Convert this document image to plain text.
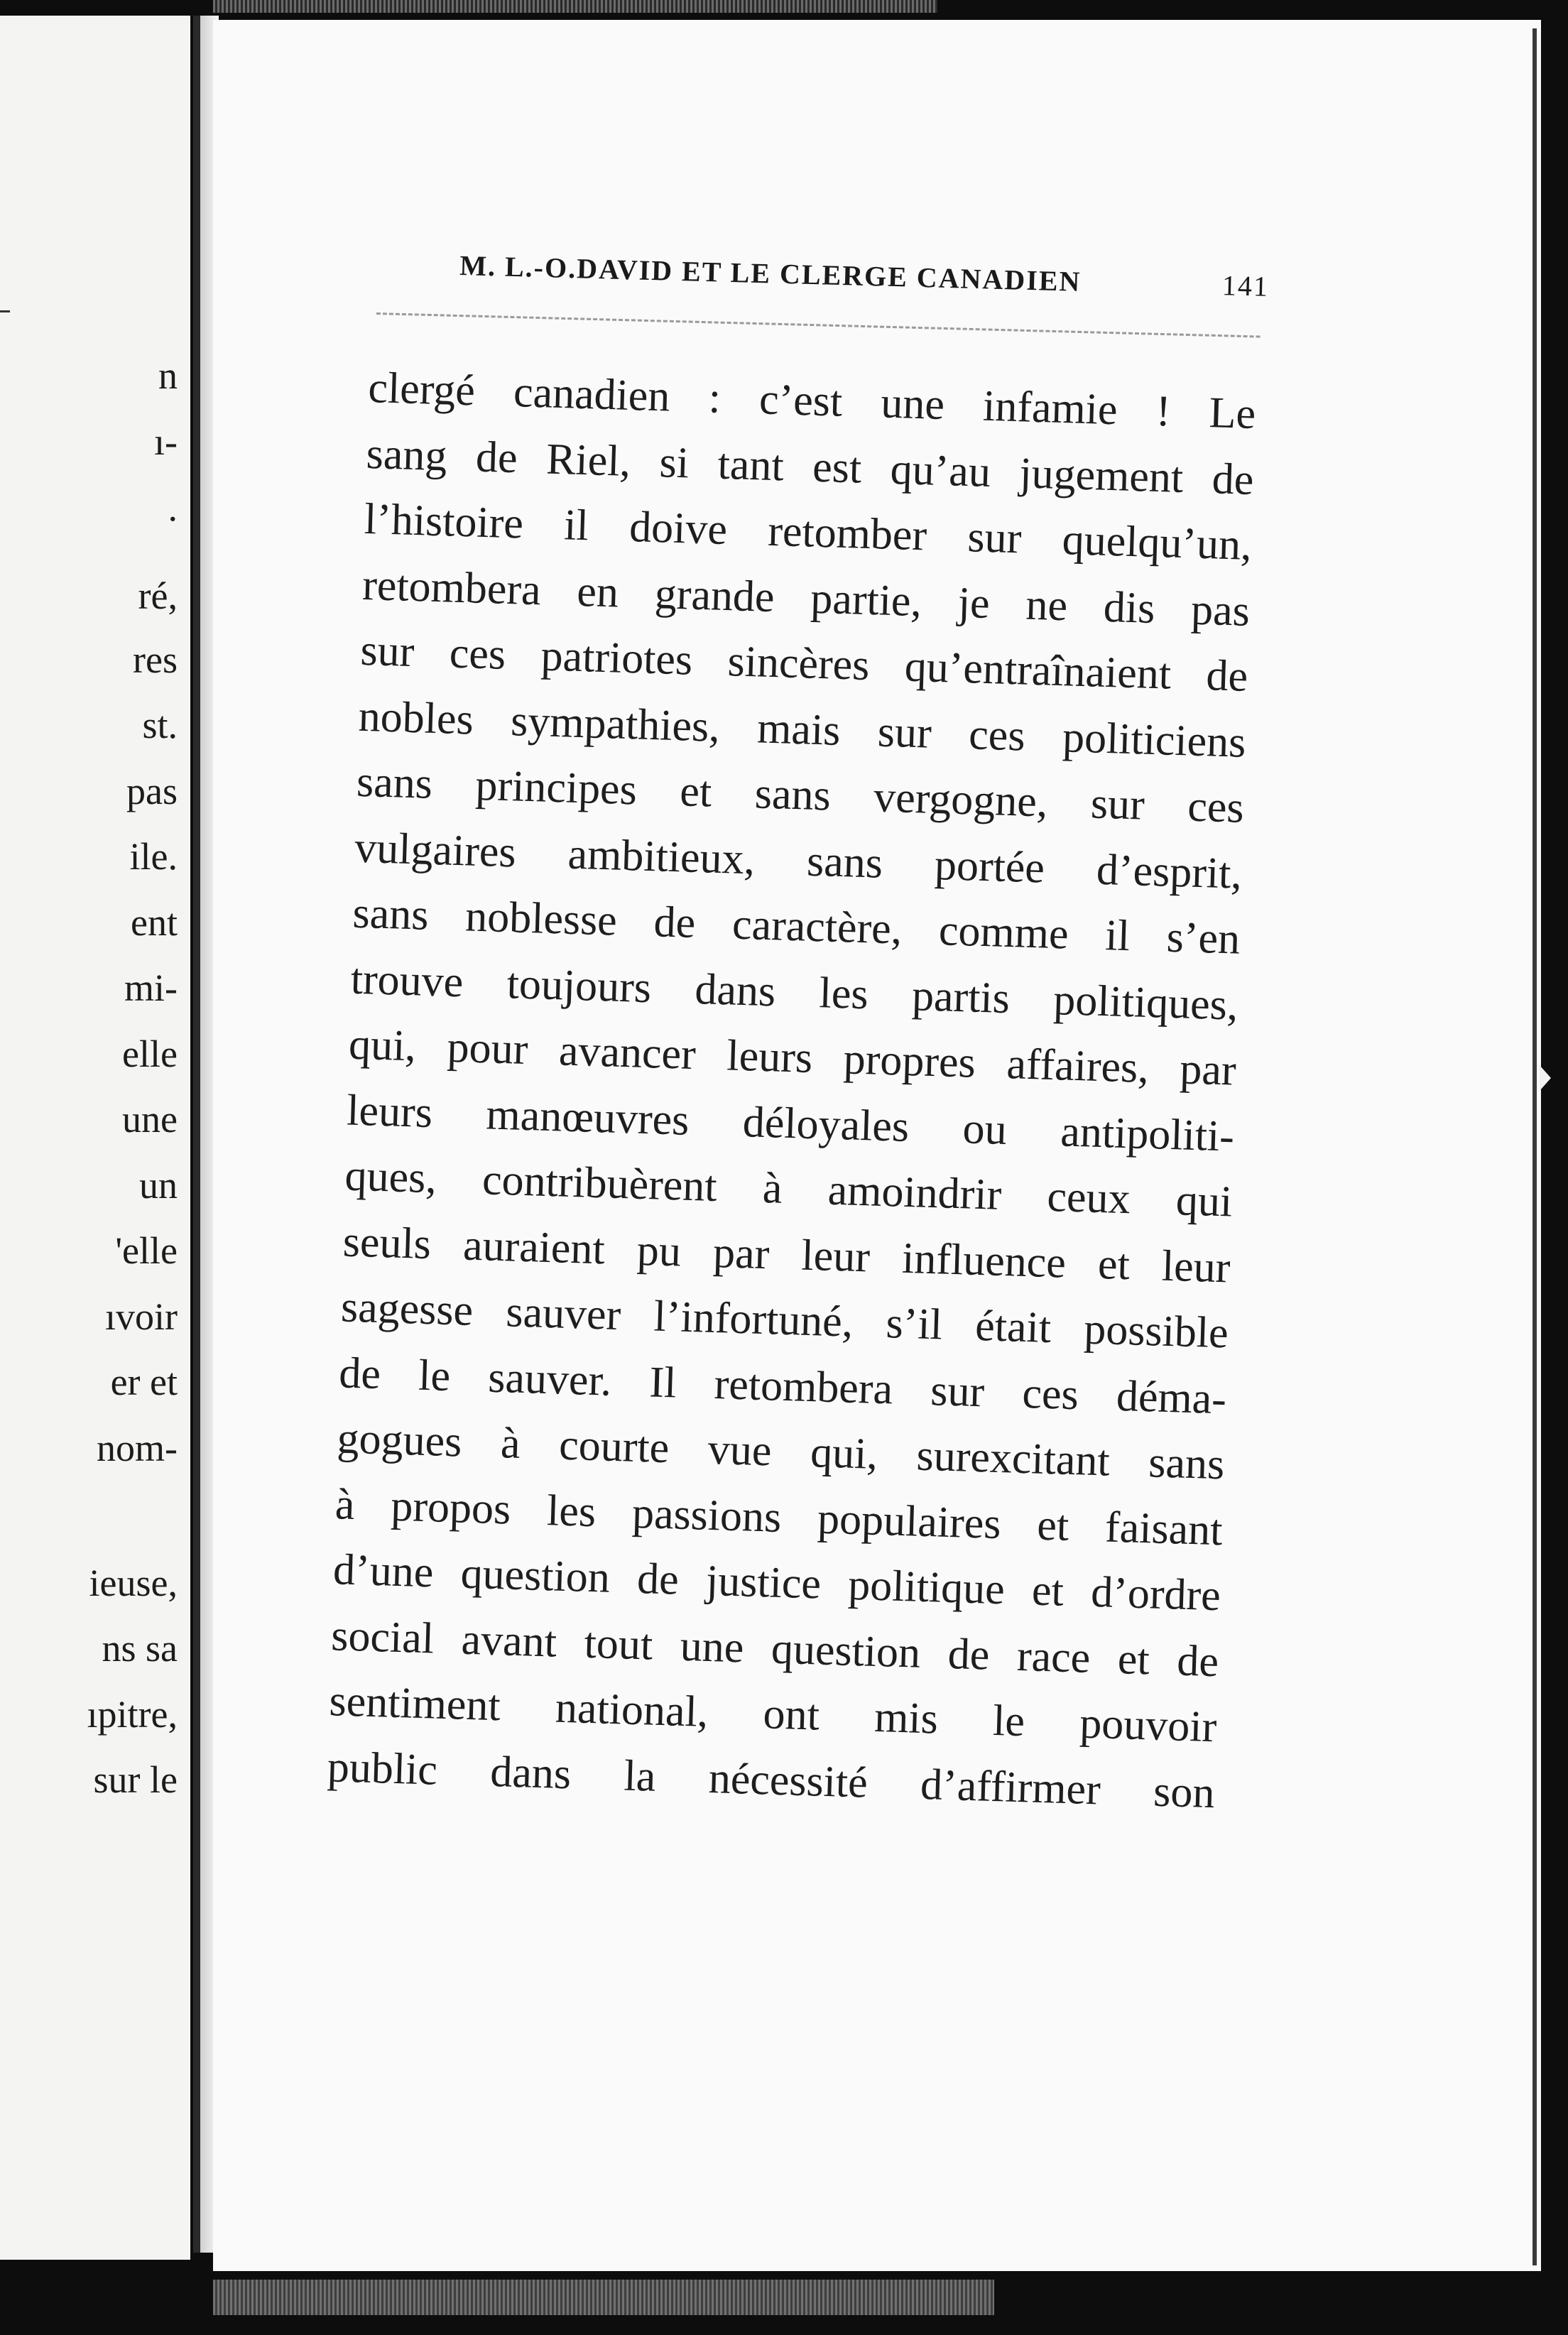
n
ı-
.
ré,
res
st.
pas
ile.
ent
mi-
elle
une
un
'elle
ıvoir
er et
nom-
ieuse,
ns sa
ıpitre,
sur le
M. L.-O.DAVID ET LE CLERGE CANADIEN	141
clergé canadien : c’est une infamie ! Le
sang de Riel, si tant est qu’au jugement de
l’histoire il doive retomber sur quelqu’un,
retombera en grande partie, je ne dis pas
sur ces patriotes sincères qu’entraînaient de
nobles sympathies, mais sur ces politiciens
sans principes et sans vergogne, sur ces
vulgaires ambitieux, sans portée d’esprit,
sans noblesse de caractère, comme il s’en
trouve toujours dans les partis politiques,
qui, pour avancer leurs propres affaires, par
leurs manœuvres déloyales ou antipoliti-
ques, contribuèrent à amoindrir ceux qui
seuls auraient pu par leur influence et leur
sagesse sauver l’infortuné, s’il était possible
de le sauver. Il retombera sur ces déma-
gogues à courte vue qui, surexcitant sans
à propos les passions populaires et faisant
d’une question de justice politique et d’ordre
social avant tout une question de race et de
sentiment national, ont mis le pouvoir
public dans la nécessité d’affirmer son
